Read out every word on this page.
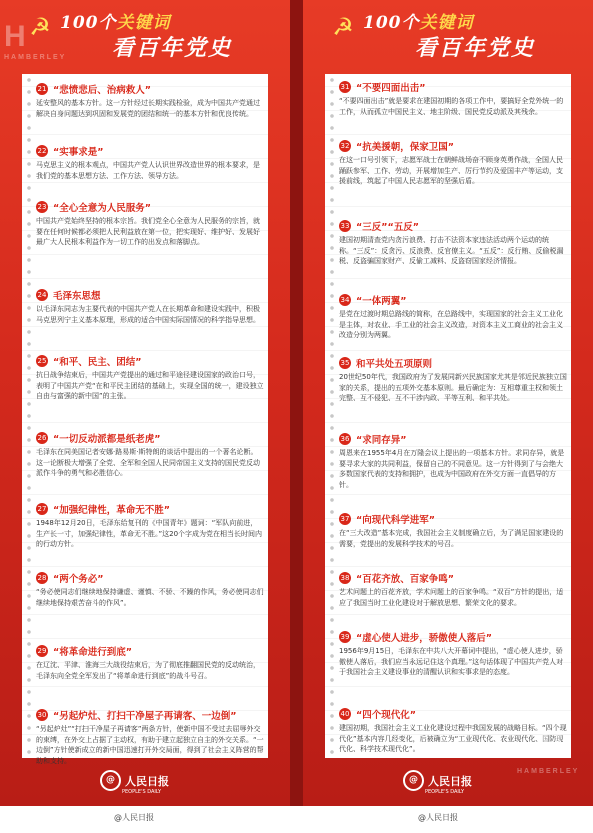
☭ 100个关键词
看百年党史
H
HAMBERLEY
21 “悲愤悲后、治病救人”
延安整风的基本方针。这一方针经过长期实践检验，成为中国共产党通过解决自身问题达到巩固和发展党的团结和统一的基本方针和优良传统。
22 “实事求是”
马克思主义的根本观点，中国共产党人认识世界改造世界的根本要求，是我们党的基本思想方法、工作方法、领导方法。
23 “全心全意为人民服务”
中国共产党始终坚持的根本宗旨。我们党全心全意为人民服务的宗旨，就要在任何时候都必须把人民利益放在第一位，把实现好、维护好、发展好最广大人民根本利益作为一切工作的出发点和落脚点。
24 毛泽东思想
以毛泽东同志为主要代表的中国共产党人在长期革命和建设实践中，积极马克思列宁主义基本原理，形成的适合中国实际国情况的科学指导思想。
25 “和平、民主、团结”
抗日战争结束后，中国共产党提出的通过和平途径建设国家的政治口号，表明了中国共产党“在和平民主团结的基础上，实现全国的统一，建设独立自由与富强的新中国”的主张。
26 “一切反动派都是纸老虎”
毛泽东在同美国记者安娜·路易斯·斯特朗的谈话中提出的一个著名论断。这一论断极大增强了全党、全军和全国人民同帝国主义支持的国民党反动派作斗争的勇气和必胜信心。
27 “加强纪律性，革命无不胜”
1948年12月20日，毛泽东给复刊的《中国青年》题词：“军队向前进，生产长一寸，加强纪律性，革命无不胜。”这20个字成为党在相当长时间内的行动方针。
28 “两个务必”
“务必使同志们继续地保持谦虚、谨慎、不骄、不躁的作风，务必使同志们继续地保持艰苦奋斗的作风”。
29 “将革命进行到底”
在辽沈、平津、淮海三大战役结束后，为了彻底推翻国民党的反动统治，毛泽东向全党全军发出了“将革命进行到底”的战斗号召。
30 “另起炉灶、打扫干净屋子再请客、一边倒”
“另起炉灶”“打扫干净屋子再请客”两条方针，使新中国不受过去屈辱外交的束缚，在外交上占据了主动权，有助于建立起独立自主的外交关系。“一边倒”方针使新成立的新中国迅速打开外交局面，得到了社会主义阵营的帮助和支持。
@ 人民日报
PEOPLE'S DAILY
☭ 100个关键词
看百年党史
31 “不要四面出击”
“不要四面出击”就是要求在建国初期的各项工作中，要搞好全党外统一的工作，从而孤立中国民主义、地主阶级、国民党反动派及其残余。
32 “抗美援朝，保家卫国”
在这一口号引领下，志愿军战士在朝鲜战场奋不顾身英勇作战，全国人民踊跃参军、工作、劳动，开展增加生产、厉行节约及爱国丰产等运动，支援前线，筑起了中国人民志愿军的坚强后盾。
33 “三反”“五反”
建国初期清查党内贪污浪费、打击不法资本家违法活动两个运动的统称。“三反”：反贪污、反浪费、反官僚主义。“五反”：反行贿、反偷税漏税、反盗骗国家财产、反偷工减料、反盗窃国家经济情报。
34 “一体两翼”
是党在过渡时期总路线的简称，在总路线中，实现国家的社会主义工业化是主体，对农业、手工业的社会主义改造，对资本主义工商业的社会主义改造分别为两翼。
35 和平共处五项原则
20世纪50年代，我国政府为了发展同新兴民族国家尤其是邻近民族独立国家的关系，提出的五项外交基本原则。最后确定为：互相尊重主权和领土完整、互不侵犯、互不干涉内政、平等互利、和平共处。
36 “求同存异”
周恩来在1955年4月在万隆会议上提出的一项基本方针。求同存异，就是要寻求大家的共同利益，保留自己的不同意见。这一方针得到了与会绝大多数国家代表的支持和拥护，也成为中国政府在外交方面一直倡导的方针。
37 “向现代科学进军”
在“三大改造”基本完成，我国社会主义制度确立后，为了满足国家建设的需要，党提出的发展科学技术的号召。
38 “百花齐放、百家争鸣”
艺术问题上的百花齐放，学术问题上的百家争鸣。“双百”方针的提出，适应了我国当时工业化建设对于解放思想、繁荣文化的要求。
39 “虚心使人进步，骄傲使人落后”
1956年9月15日，毛泽东在中共八大开幕词中提出，“虚心使人进步，骄傲使人落后，我们应当永远记住这个真理。”这句话体现了中国共产党人对于我国社会主义建设事业的清醒认识和实事求是的态度。
40 “四个现代化”
建国初期，我国社会主义工业化建设过程中我国发展的战略目标。“四个现代化”基本内容几经变化，后被确立为“工业现代化、农业现代化、国防现代化、科学技术现代化”。	H
HAMBERLEY
@ 人民日报
PEOPLE'S DAILY
@人民日报	@人民日报
